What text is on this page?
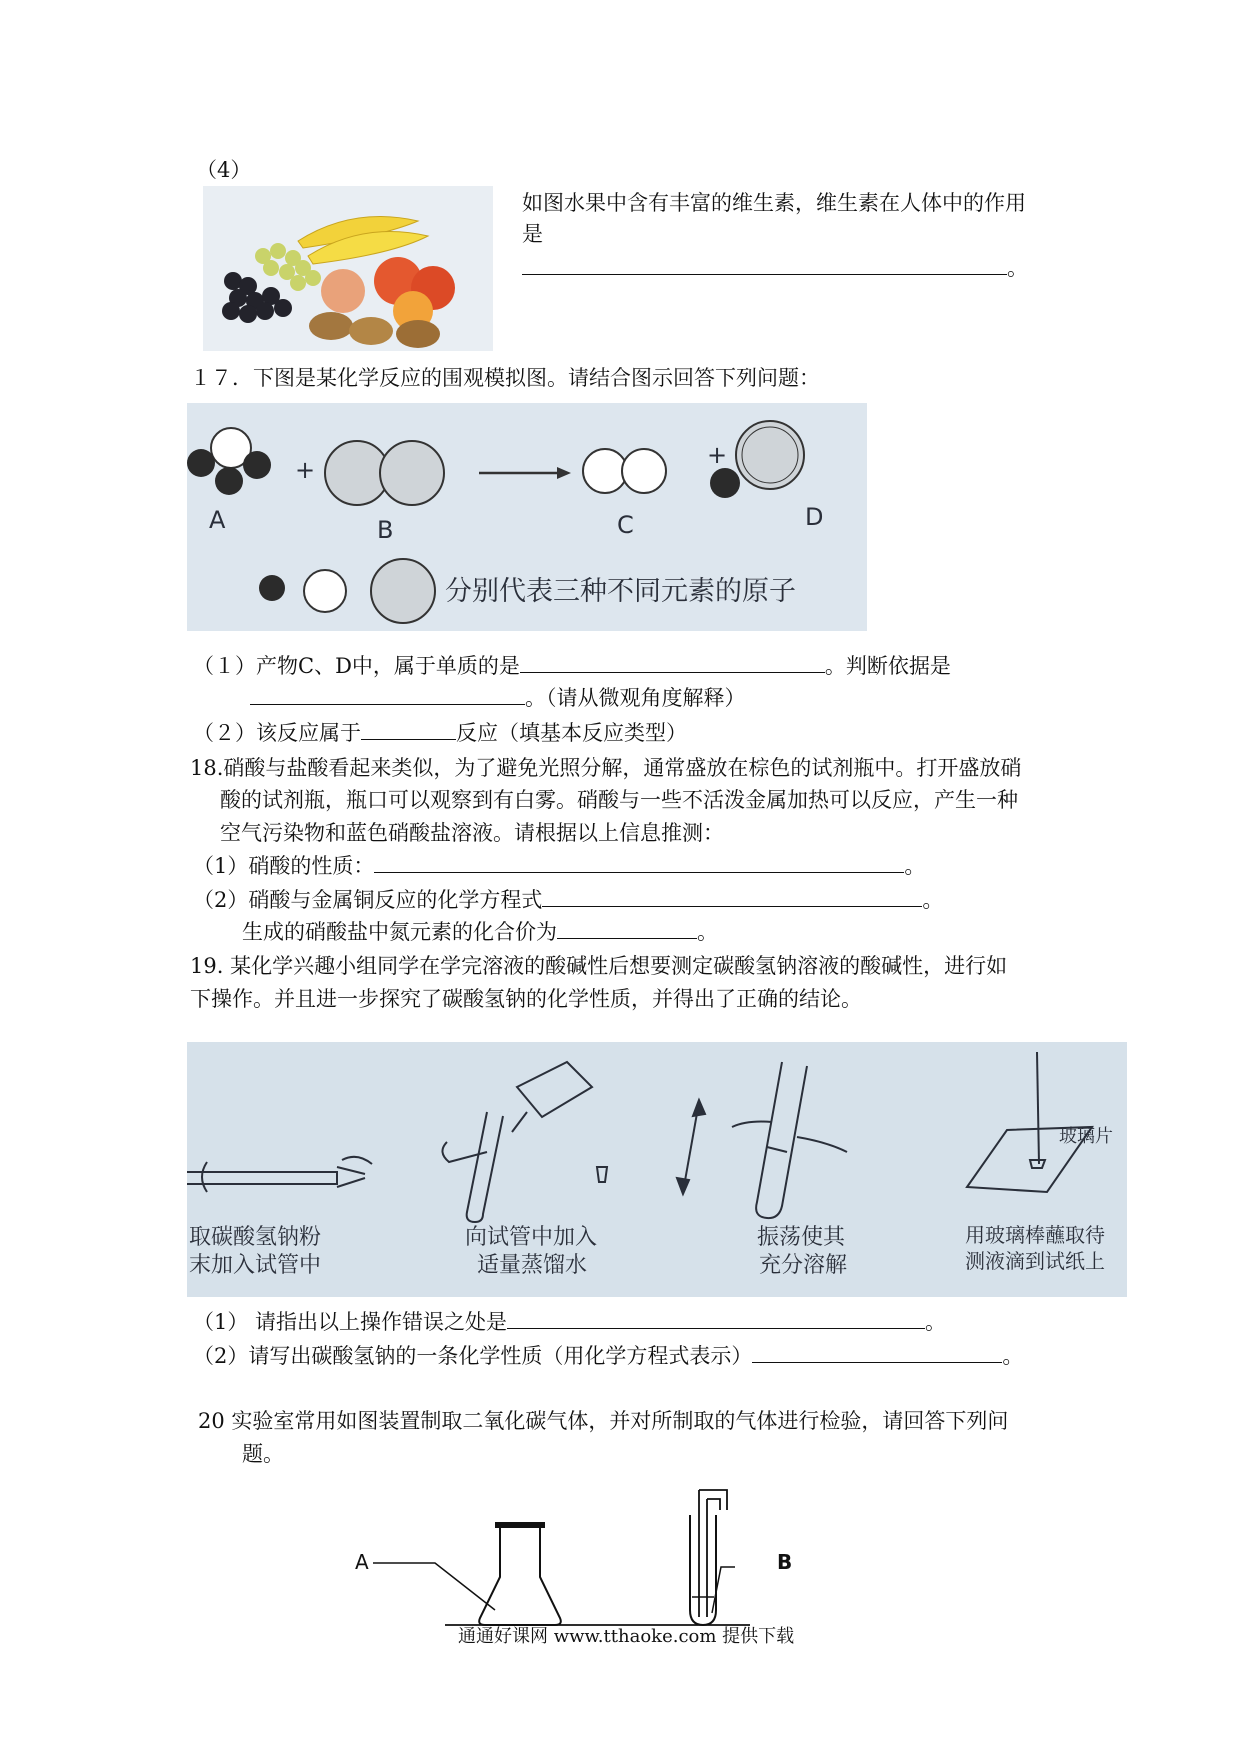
（4）
如图水果中含有丰富的维生素，维生素在人体中的作用
是
。
１７．下图是某化学反应的围观模拟图。请结合图示回答下列问题：
A
+
B	C
+
D
分别代表三种不同元素的原子
（１）产物C、D中，属于单质的是	。判断依据是
。（请从微观角度解释）
（２）该反应属于	反应（填基本反应类型）
18.硝酸与盐酸看起来类似，为了避免光照分解，通常盛放在棕色的试剂瓶中。打开盛放硝
酸的试剂瓶，瓶口可以观察到有白雾。硝酸与一些不活泼金属加热可以反应，产生一种
空气污染物和蓝色硝酸盐溶液。请根据以上信息推测：
（1）硝酸的性质：	。
（2）硝酸与金属铜反应的化学方程式	。
生成的硝酸盐中氮元素的化合价为	。
19. 某化学兴趣小组同学在学完溶液的酸碱性后想要测定碳酸氢钠溶液的酸碱性，进行如
下操作。并且进一步探究了碳酸氢钠的化学性质，并得出了正确的结论。
玻璃片
取碳酸氢钠粉
末加入试管中
向试管中加入
适量蒸馏水
振荡使其
充分溶解
用玻璃棒蘸取待
测液滴到试纸上
（1） 请指出以上操作错误之处是	。
（2）请写出碳酸氢钠的一条化学性质（用化学方程式表示）	。
20 实验室常用如图装置制取二氧化碳气体，并对所制取的气体进行检验，请回答下列问
题。
A	B
通通好课网 www.tthaoke.com 提供下载
